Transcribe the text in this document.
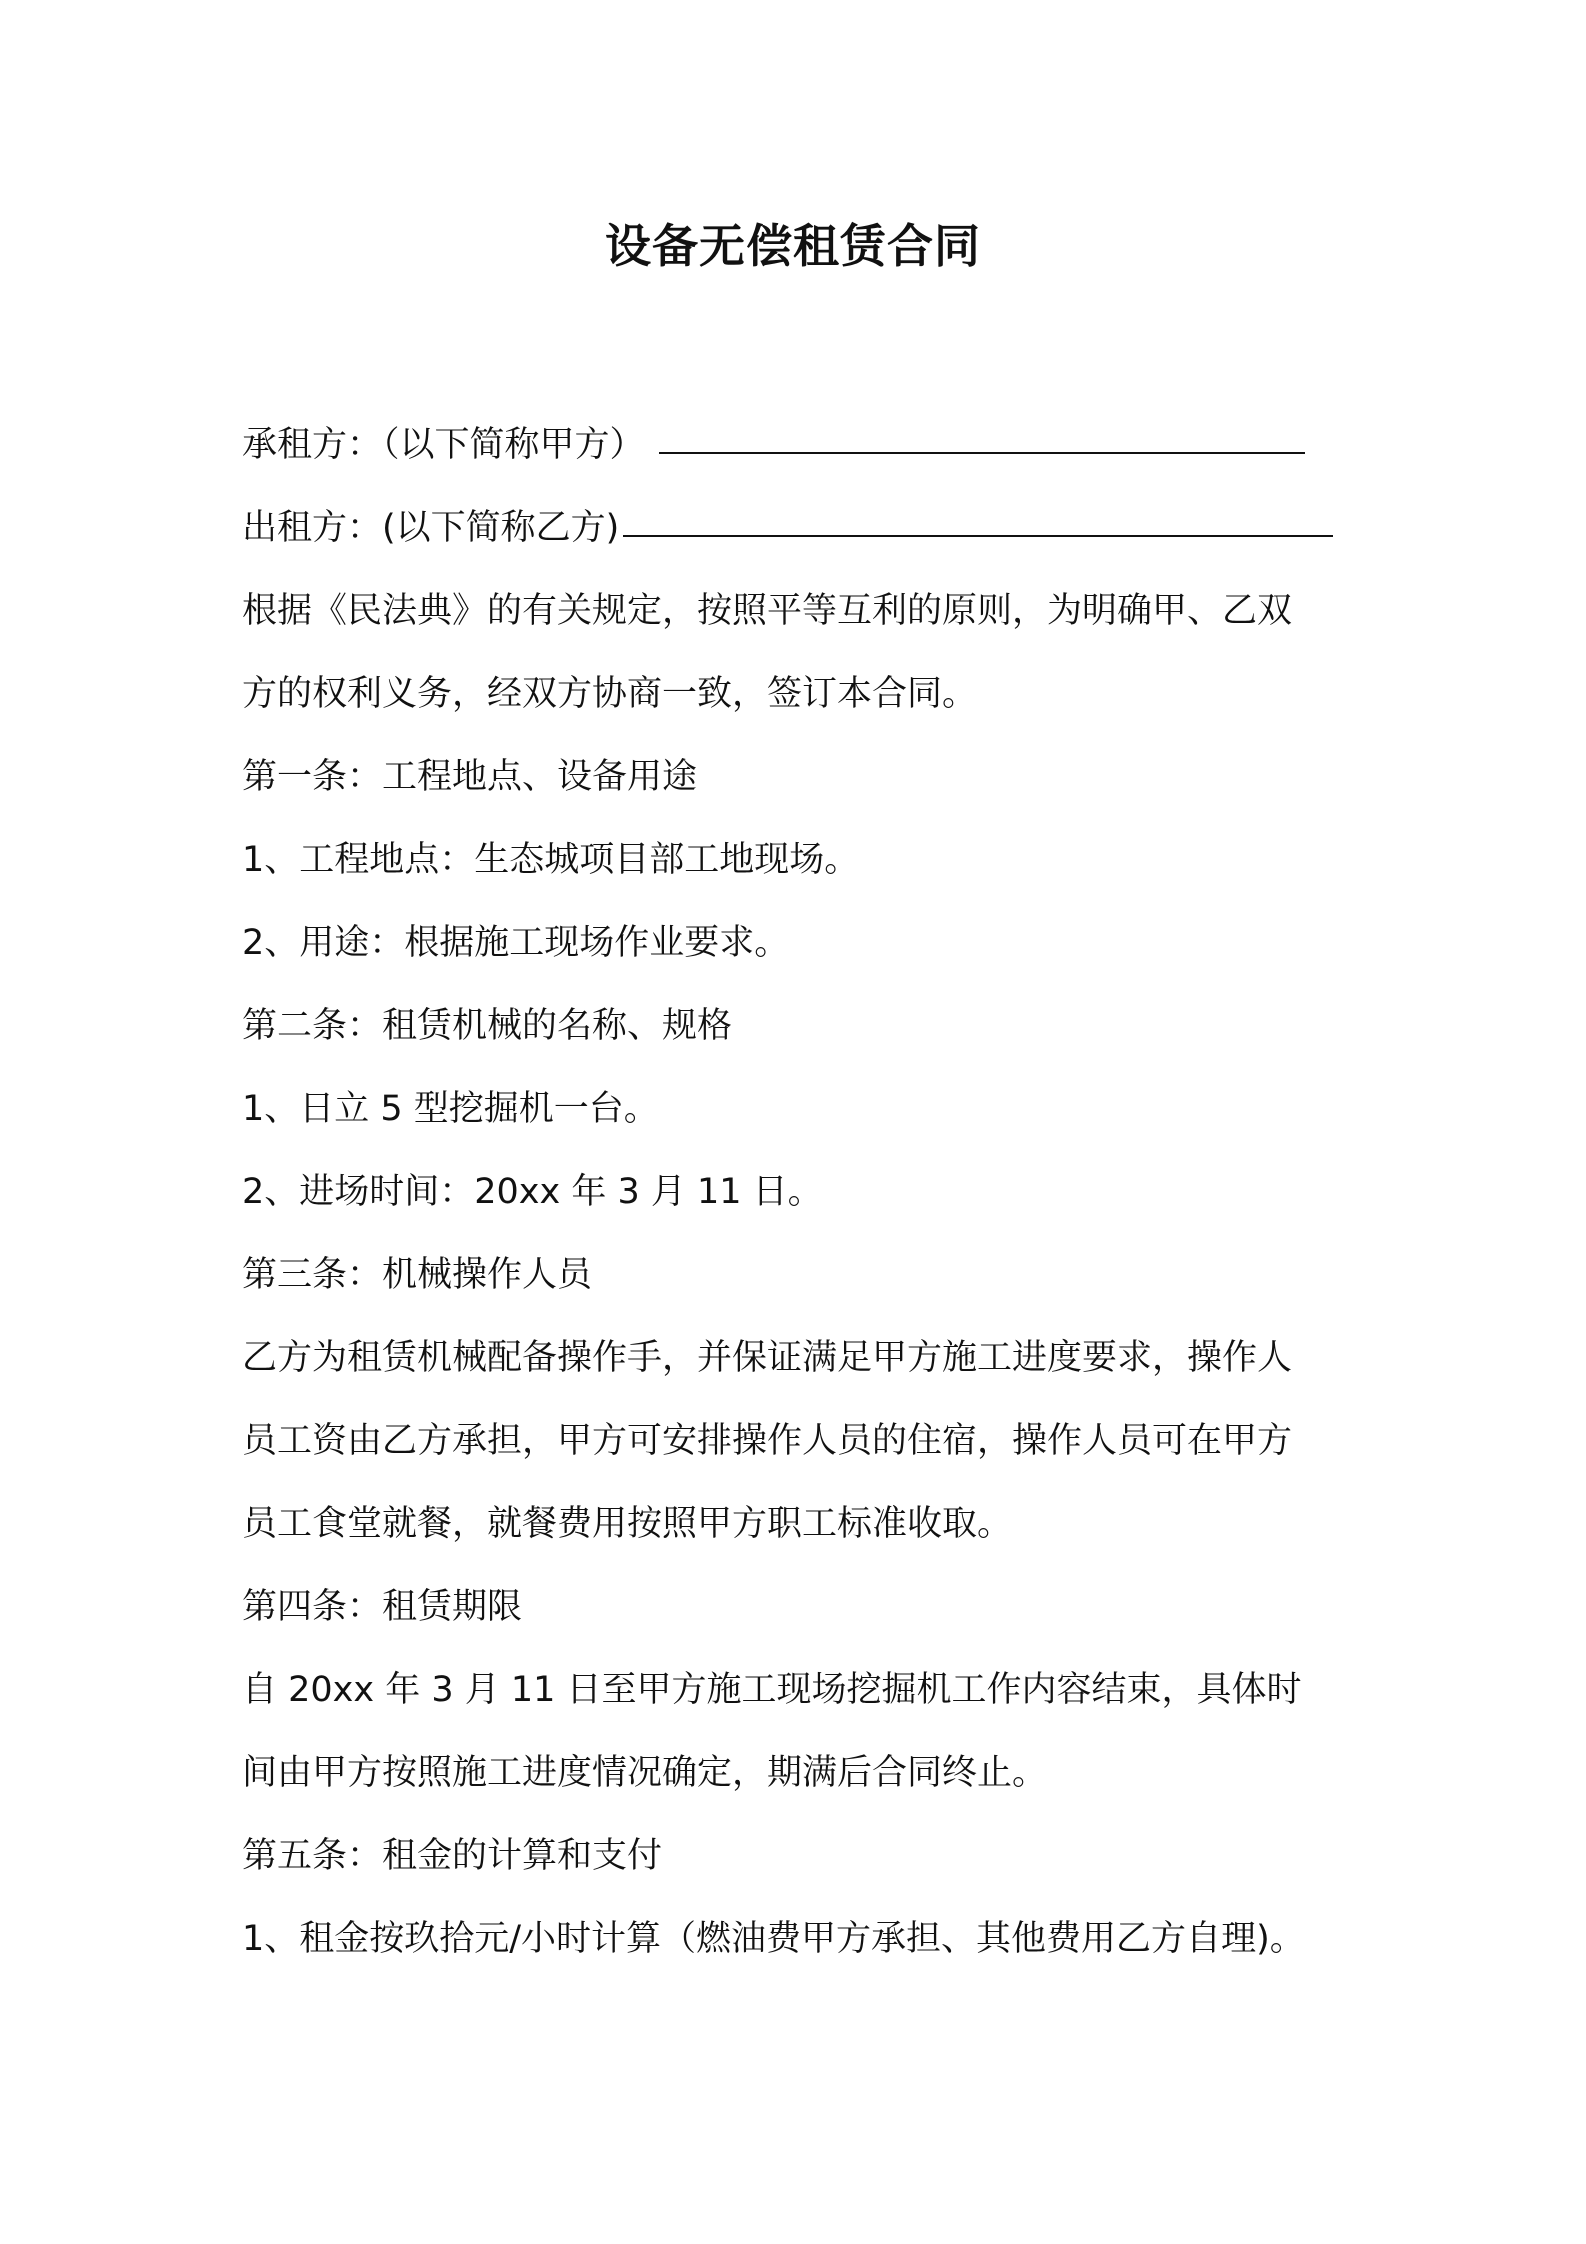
设备无偿租赁合同

承租方：（以下简称甲方）

出租方：(以下简称乙方)

根据《民法典》的有关规定，按照平等互利的原则，为明确甲、乙双

方的权利义务，经双方协商一致，签订本合同。

第一条：工程地点、设备用途

1、工程地点：生态城项目部工地现场。

2、用途：根据施工现场作业要求。

第二条：租赁机械的名称、规格

1、日立 5 型挖掘机一台。

2、进场时间：20xx 年 3 月 11 日。

第三条：机械操作人员

乙方为租赁机械配备操作手，并保证满足甲方施工进度要求，操作人

员工资由乙方承担，甲方可安排操作人员的住宿，操作人员可在甲方

员工食堂就餐，就餐费用按照甲方职工标准收取。

第四条：租赁期限

自 20xx 年 3 月 11 日至甲方施工现场挖掘机工作内容结束，具体时

间由甲方按照施工进度情况确定，期满后合同终止。

第五条：租金的计算和支付

1、租金按玖拾元/小时计算（燃油费甲方承担、其他费用乙方自理)。
